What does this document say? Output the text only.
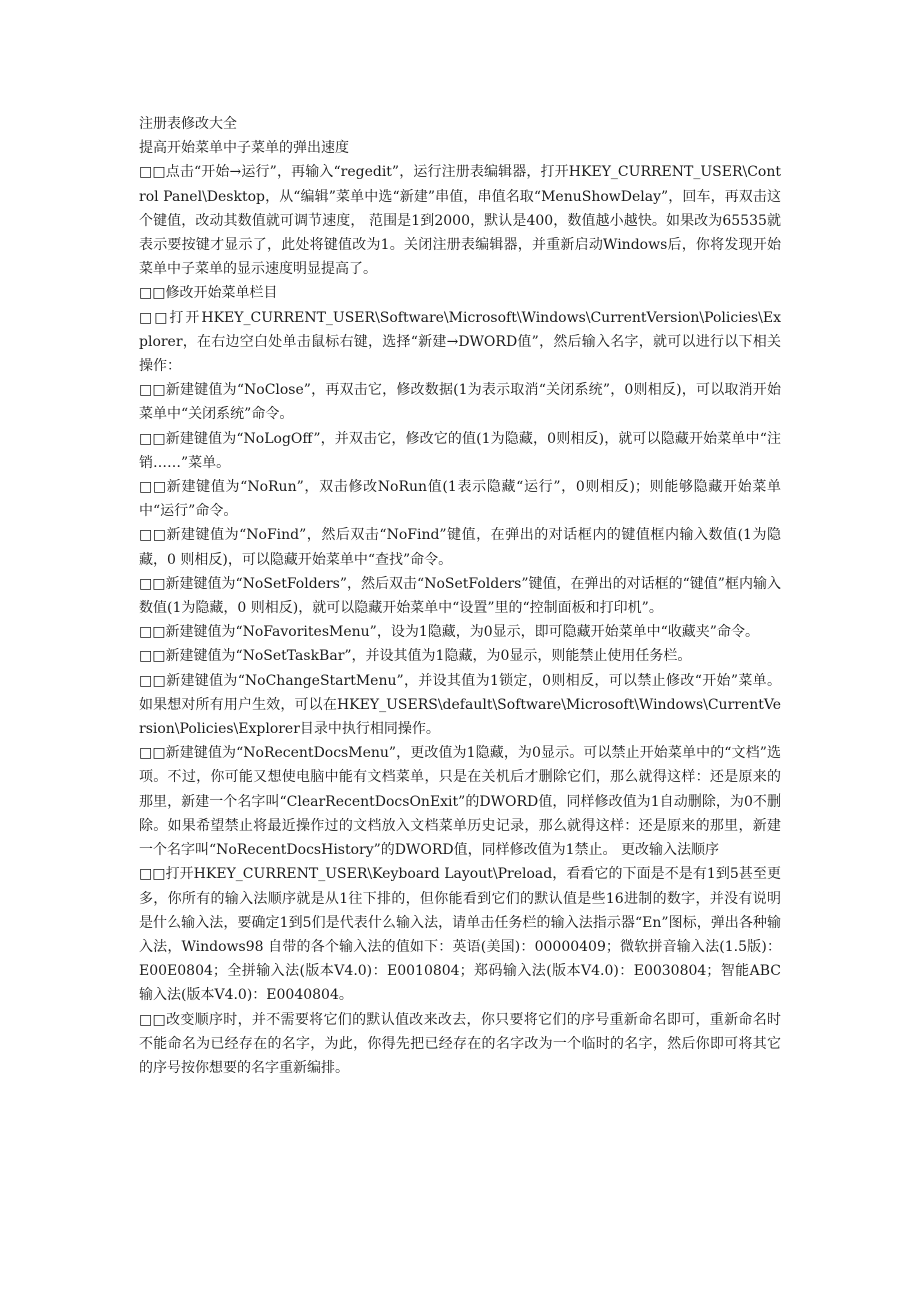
注册表修改大全

提高开始菜单中子菜单的弹出速度

□□点击“开始→运行”，再输入“regedit”，运行注册表编辑器，打开HKEY_CURRENT_USER\Control Panel\Desktop，从“编辑”菜单中选“新建”串值，串值名取“MenuShowDelay”，回车，再双击这个键值，改动其数值就可调节速度， 范围是1到2000，默认是400，数值越小越快。如果改为65535就表示要按键才显示了，此处将键值改为1。关闭注册表编辑器，并重新启动Windows后，你将发现开始菜单中子菜单的显示速度明显提高了。

□□修改开始菜单栏目

□□打开HKEY_CURRENT_USER\Software\Microsoft\Windows\CurrentVersion\Policies\Explorer，在右边空白处单击鼠标右键，选择“新建→DWORD值”，然后输入名字，就可以进行以下相关操作：

□□新建键值为“NoClose”，再双击它，修改数据(1为表示取消“关闭系统”，0则相反)，可以取消开始菜单中“关闭系统”命令。

□□新建键值为“NoLogOff”，并双击它，修改它的值(1为隐藏，0则相反)，就可以隐藏开始菜单中“注销……”菜单。

□□新建键值为“NoRun”，双击修改NoRun值(1表示隐藏“运行”，0则相反)；则能够隐藏开始菜单中“运行”命令。

□□新建键值为“NoFind”，然后双击“NoFind”键值，在弹出的对话框内的键值框内输入数值(1为隐藏，0 则相反)，可以隐藏开始菜单中“查找”命令。

□□新建键值为“NoSetFolders”，然后双击“NoSetFolders”键值，在弹出的对话框的“键值”框内输入数值(1为隐藏，0 则相反)，就可以隐藏开始菜单中“设置”里的“控制面板和打印机”。

□□新建键值为“NoFavoritesMenu”，设为1隐藏，为0显示，即可隐藏开始菜单中“收藏夹”命令。

□□新建键值为“NoSetTaskBar”，并设其值为1隐藏，为0显示，则能禁止使用任务栏。

□□新建键值为“NoChangeStartMenu”，并设其值为1锁定，0则相反，可以禁止修改“开始”菜单。如果想对所有用户生效，可以在HKEY_USERS\default\Software\Microsoft\Windows\CurrentVersion\Policies\Explorer目录中执行相同操作。

□□新建键值为“NoRecentDocsMenu”，更改值为1隐藏，为0显示。可以禁止开始菜单中的“文档”选项。不过，你可能又想使电脑中能有文档菜单，只是在关机后才删除它们，那么就得这样：还是原来的那里，新建一个名字叫“ClearRecentDocsOnExit”的DWORD值，同样修改值为1自动删除，为0不删除。如果希望禁止将最近操作过的文档放入文档菜单历史记录，那么就得这样：还是原来的那里，新建一个名字叫“NoRecentDocsHistory”的DWORD值，同样修改值为1禁止。 更改输入法顺序

□□打开HKEY_CURRENT_USER\Keyboard Layout\Preload，看看它的下面是不是有1到5甚至更多，你所有的输入法顺序就是从1往下排的，但你能看到它们的默认值是些16进制的数字，并没有说明是什么输入法，要确定1到5们是代表什么输入法，请单击任务栏的输入法指示器“En”图标，弹出各种输入法，Windows98 自带的各个输入法的值如下：英语(美国)：00000409；微软拼音输入法(1.5版)：E00E0804；全拼输入法(版本V4.0)：E0010804；郑码输入法(版本V4.0)：E0030804；智能ABC输入法(版本V4.0)：E0040804。

□□改变顺序时，并不需要将它们的默认值改来改去，你只要将它们的序号重新命名即可，重新命名时不能命名为已经存在的名字，为此，你得先把已经存在的名字改为一个临时的名字，然后你即可将其它的序号按你想要的名字重新编排。
